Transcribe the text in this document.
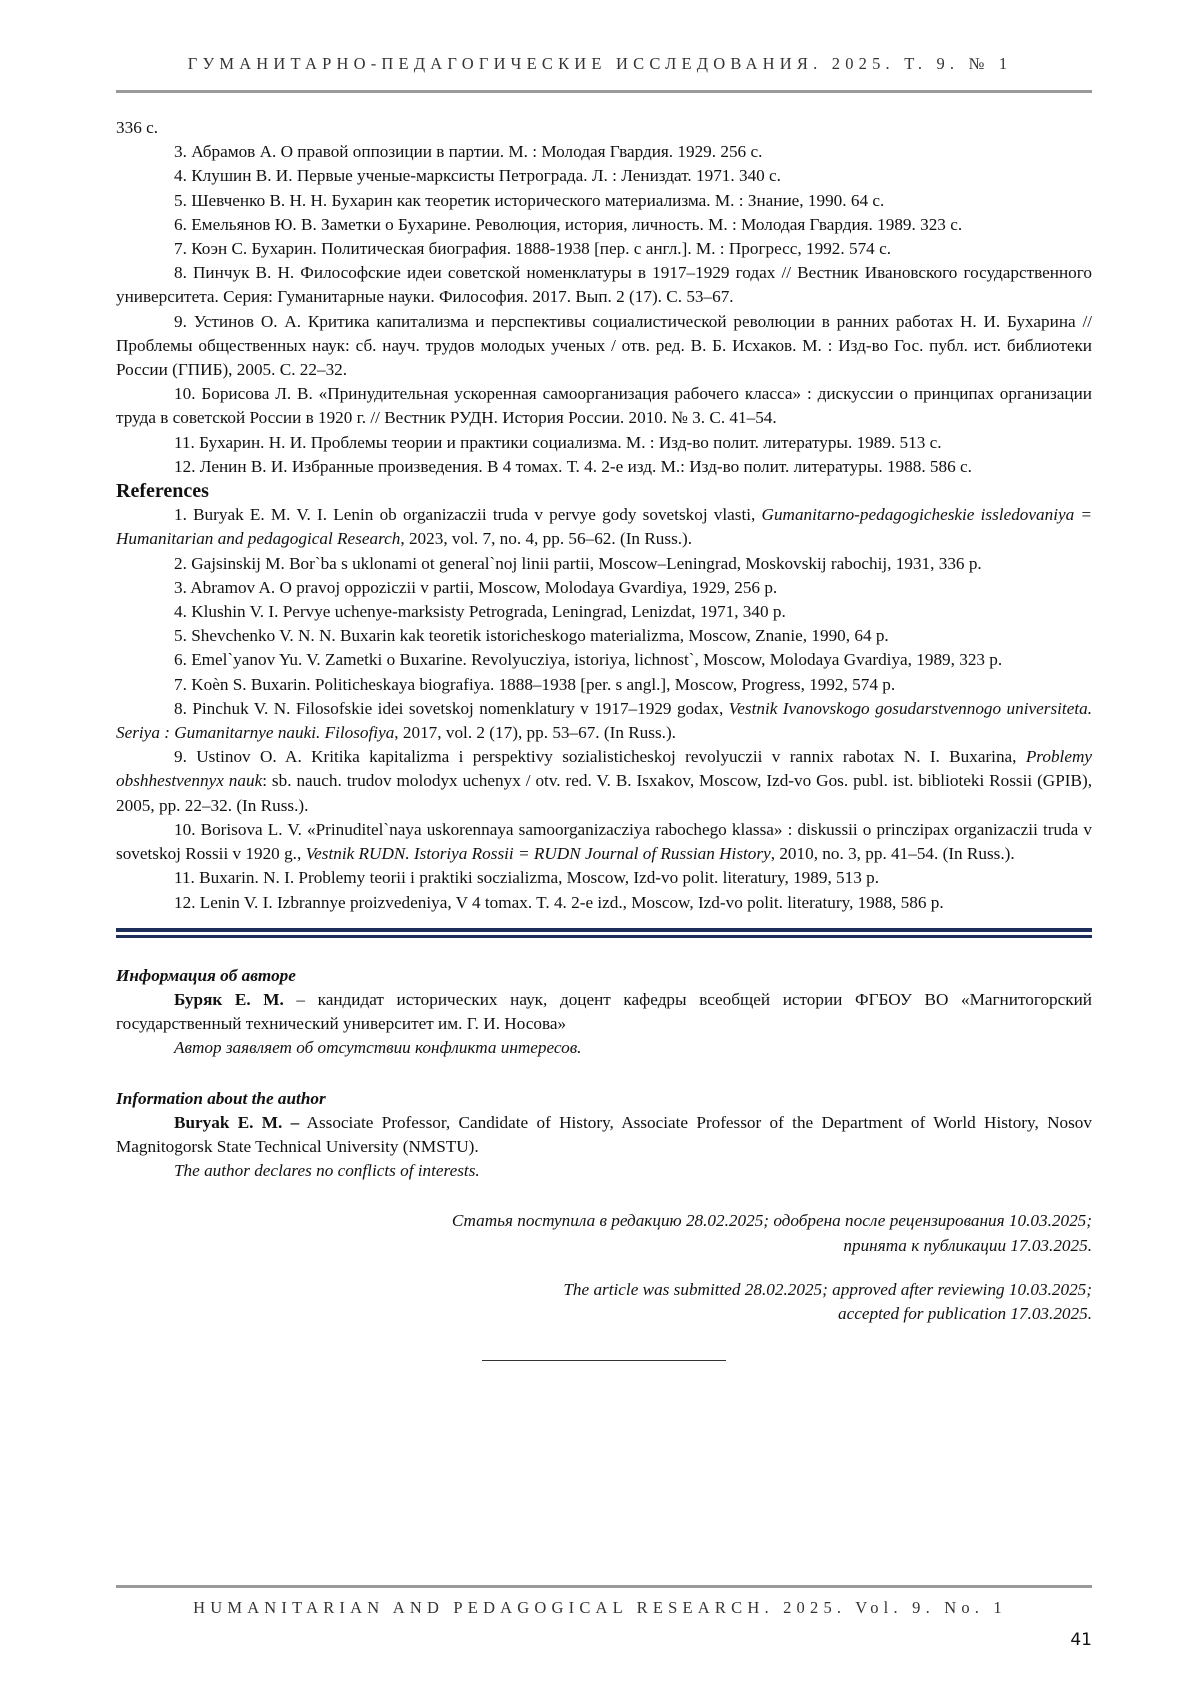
ГУМАНИТАРНО-ПЕДАГОГИЧЕСКИЕ ИССЛЕДОВАНИЯ. 2025. Т. 9. № 1

336 с.

3. Абрамов А. О правой оппозиции в партии. М. : Молодая Гвардия. 1929. 256 с.

4. Клушин В. И. Первые ученые-марксисты Петрограда. Л. : Лениздат. 1971. 340 с.

5. Шевченко В. Н. Н. Бухарин как теоретик исторического материализма. М. : Знание, 1990. 64 с.

6. Емельянов Ю. В. Заметки о Бухарине. Революция, история, личность. М. : Молодая Гвардия. 1989. 323 с.

7. Коэн С. Бухарин. Политическая биография. 1888-1938 [пер. с англ.]. М. : Прогресс, 1992. 574 с.

8. Пинчук В. Н. Философские идеи советской номенклатуры в 1917–1929 годах // Вестник Ивановского государственного университета. Серия: Гуманитарные науки. Философия. 2017. Вып. 2 (17). С. 53–67.

9. Устинов О. А. Критика капитализма и перспективы социалистической революции в ранних работах Н. И. Бухарина // Проблемы общественных наук: сб. науч. трудов молодых ученых / отв. ред. В. Б. Исхаков. М. : Изд-во Гос. публ. ист. библиотеки России (ГПИБ), 2005. С. 22–32.

10. Борисова Л. В. «Принудительная ускоренная самоорганизация рабочего класса» : дискуссии о принципах организации труда в советской России в 1920 г. // Вестник РУДН. История России. 2010. № 3. С. 41–54.

11. Бухарин. Н. И. Проблемы теории и практики социализма. М. : Изд-во полит. литературы. 1989. 513 с.

12. Ленин В. И. Избранные произведения. В 4 томах. Т. 4. 2-е изд. М.: Изд-во полит. литературы. 1988. 586 с.

References

1. Buryak E. M. V. I. Lenin ob organizaczii truda v pervye gody sovetskoj vlasti, Gumanitarno-pedagogicheskie issledovaniya = Humanitarian and pedagogical Research, 2023, vol. 7, no. 4, pp. 56–62. (In Russ.).

2. Gajsinskij M. Bor`ba s uklonami ot general`noj linii partii, Moscow–Leningrad, Moskovskij rabochij, 1931, 336 p.

3. Abramov A. O pravoj oppoziczii v partii, Moscow, Molodaya Gvardiya, 1929, 256 p.

4. Klushin V. I. Pervye uchenye-marksisty Petrograda, Leningrad, Lenizdat, 1971, 340 p.

5. Shevchenko V. N. N. Buxarin kak teoretik istoricheskogo materializma, Moscow, Znanie, 1990, 64 p.

6. Emel`yanov Yu. V. Zametki o Buxarine. Revolyucziya, istoriya, lichnost`, Moscow, Molodaya Gvardiya, 1989, 323 p.

7. Koèn S. Buxarin. Politicheskaya biografiya. 1888–1938 [per. s angl.], Moscow, Progress, 1992, 574 p.

8. Pinchuk V. N. Filosofskie idei sovetskoj nomenklatury v 1917–1929 godax, Vestnik Ivanovskogo gosudarstvennogo universiteta. Seriya : Gumanitarnye nauki. Filosofiya, 2017, vol. 2 (17), pp. 53–67. (In Russ.).

9. Ustinov O. A. Kritika kapitalizma i perspektivy sozialisticheskoj revolyuczii v rannix rabotax N. I. Buxarina, Problemy obshhestvennyx nauk: sb. nauch. trudov molodyx uchenyx / otv. red. V. B. Isxakov, Moscow, Izd-vo Gos. publ. ist. biblioteki Rossii (GPIB), 2005, pp. 22–32. (In Russ.).

10. Borisova L. V. «Prinuditel`naya uskorennaya samoorganizacziya rabochego klassa» : diskussii o princzipax organizaczii truda v sovetskoj Rossii v 1920 g., Vestnik RUDN. Istoriya Rossii = RUDN Journal of Russian History, 2010, no. 3, pp. 41–54. (In Russ.).

11. Buxarin. N. I. Problemy teorii i praktiki soczializma, Moscow, Izd-vo polit. literatury, 1989, 513 p.

12. Lenin V. I. Izbrannye proizvedeniya, V 4 tomax. T. 4. 2-e izd., Moscow, Izd-vo polit. literatury, 1988, 586 p.

Информация об авторе

Буряк Е. М. – кандидат исторических наук, доцент кафедры всеобщей истории ФГБОУ ВО «Магнитогорский государственный технический университет им. Г. И. Носова»

Автор заявляет об отсутствии конфликта интересов.

Information about the author

Buryak E. M. – Associate Professor, Candidate of History, Associate Professor of the Department of World History, Nosov Magnitogorsk State Technical University (NMSTU).

The author declares no conflicts of interests.

Статья поступила в редакцию 28.02.2025; одобрена после рецензирования 10.03.2025;

принята к публикации 17.03.2025.

The article was submitted 28.02.2025; approved after reviewing 10.03.2025;

accepted for publication 17.03.2025.

HUMANITARIAN AND PEDAGOGICAL RESEARCH. 2025. Vol. 9. No. 1
41
